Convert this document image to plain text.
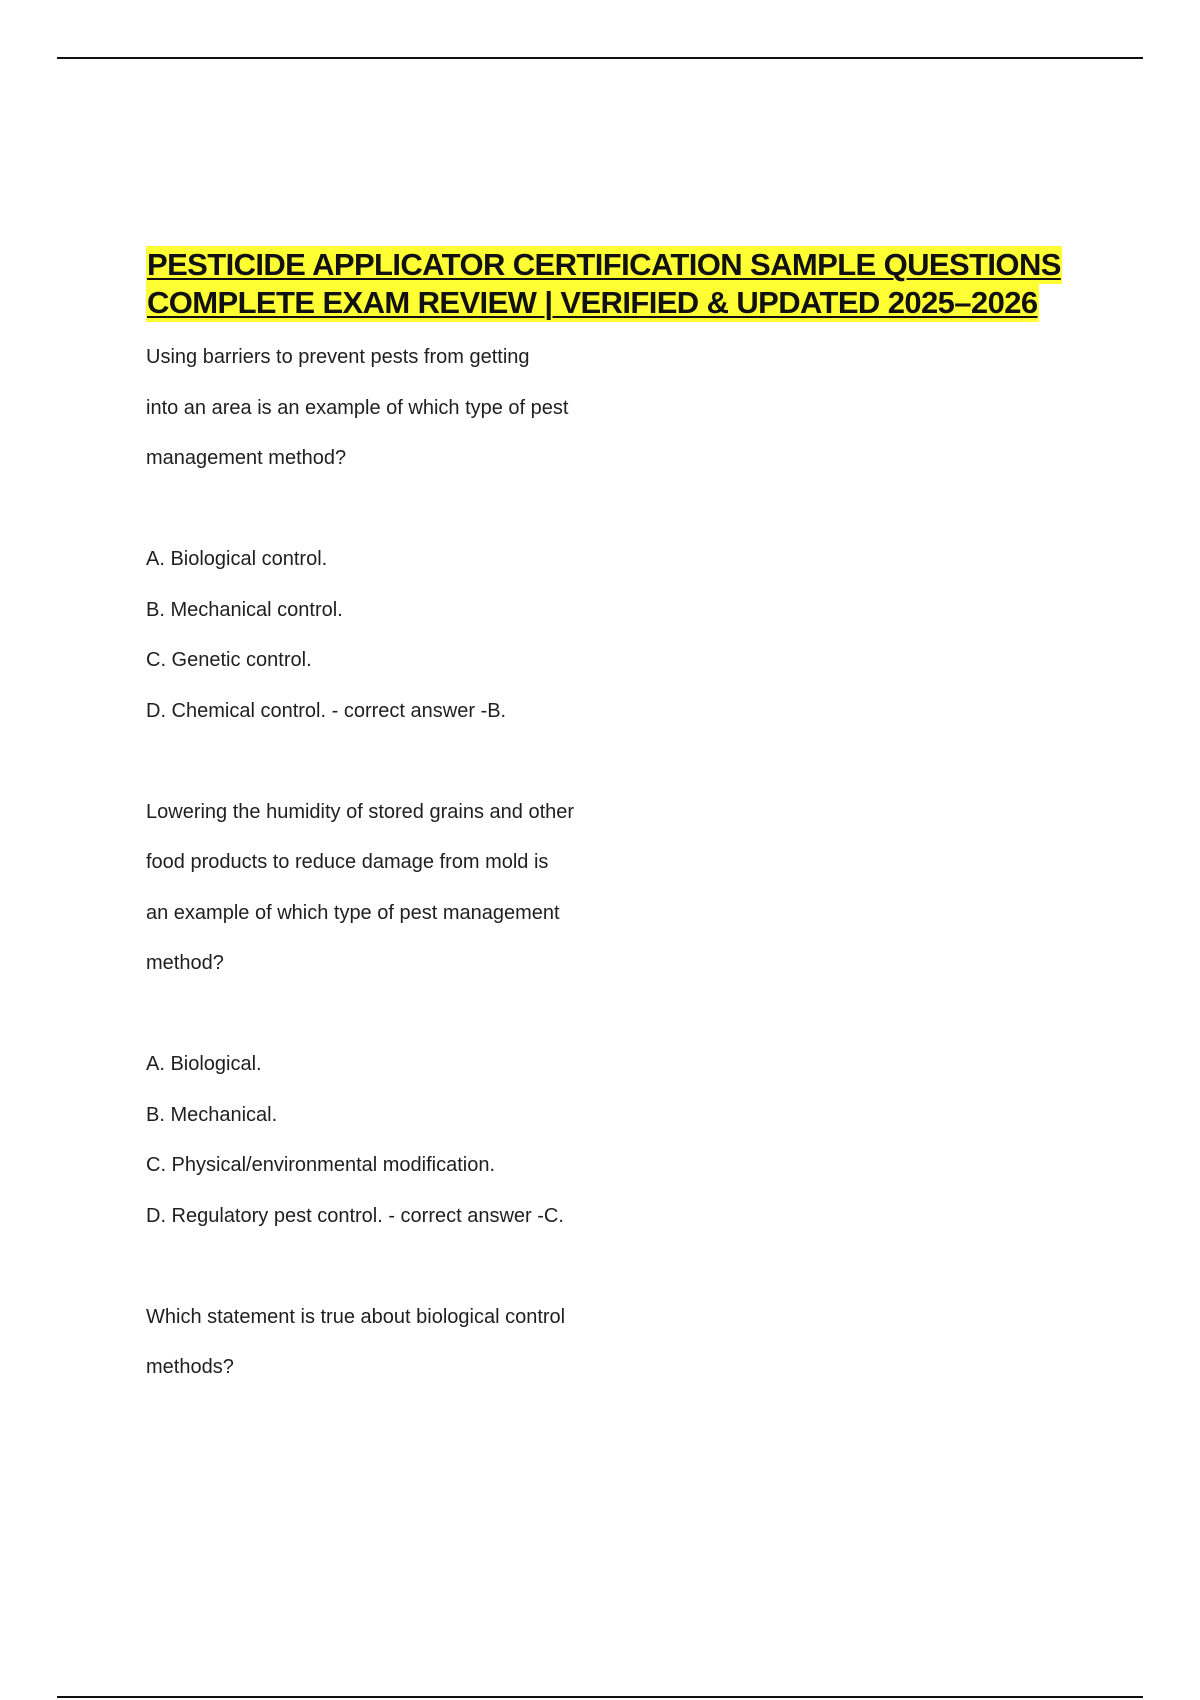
PESTICIDE APPLICATOR CERTIFICATION SAMPLE QUESTIONS
COMPLETE EXAM REVIEW | VERIFIED & UPDATED 2025–2026
Using barriers to prevent pests from getting
into an area is an example of which type of pest
management method?
A. Biological control.
B. Mechanical control.
C. Genetic control.
D. Chemical control. - correct answer -B.
Lowering the humidity of stored grains and other
food products to reduce damage from mold is
an example of which type of pest management
method?
A. Biological.
B. Mechanical.
C. Physical/environmental modification.
D. Regulatory pest control. - correct answer -C.
Which statement is true about biological control
methods?
